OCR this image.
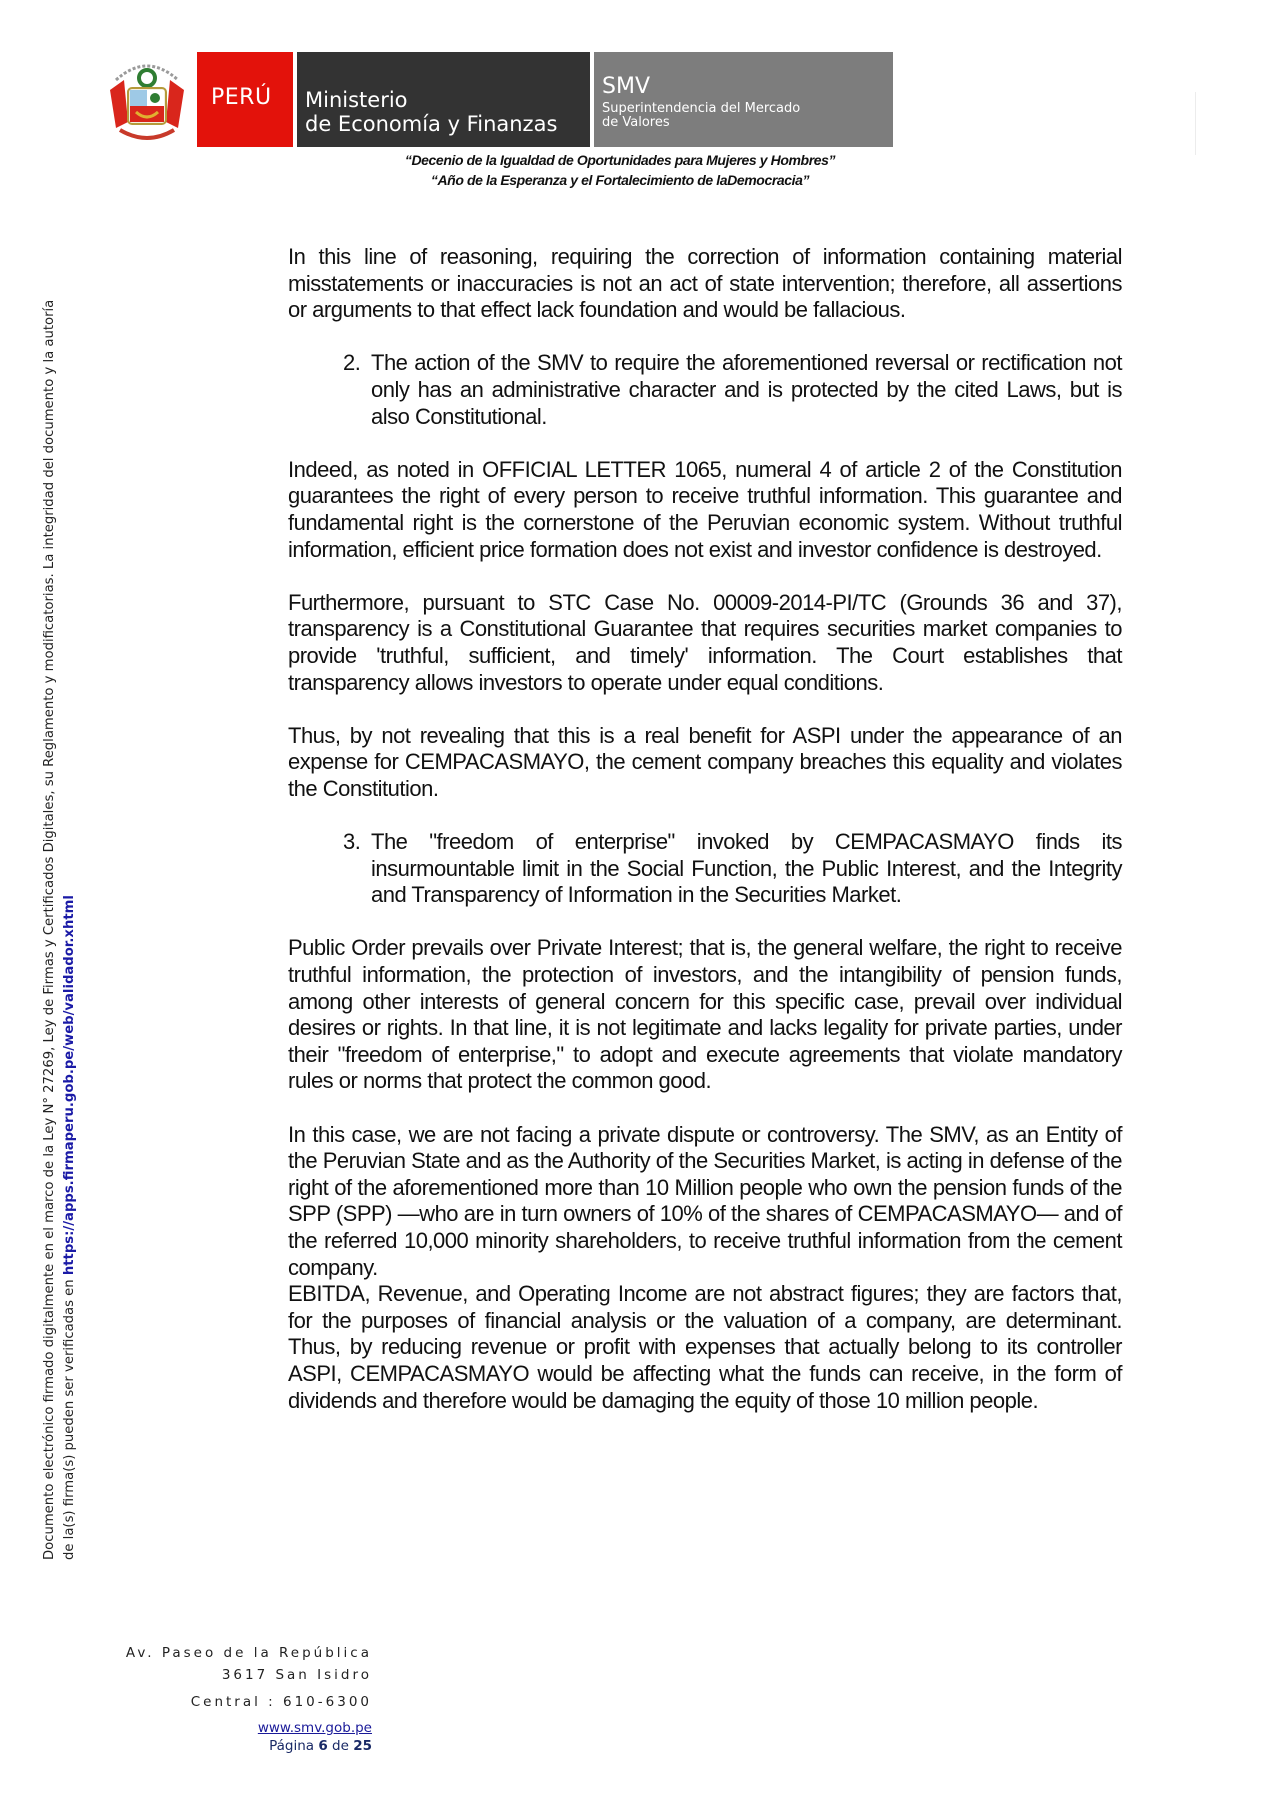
PERÚ Ministerio
de Economía y Finanzas
SMV
Superintendencia del Mercado
de Valores
“Decenio de la Igualdad de Oportunidades para Mujeres y Hombres”
“Año de la Esperanza y el Fortalecimiento de laDemocracia”
Documento electrónico firmado digitalmente en el marco de la Ley N° 27269, Ley de Firmas y Certificados Digitales, su Reglamento y modificatorias. La integridad del documento y la autoría de la(s) firma(s) pueden ser verificadas en https://apps.firmaperu.gob.pe/web/validador.xhtml

In this line of reasoning, requiring the correction of information containing material misstatements or inaccuracies is not an act of state intervention; therefore, all assertions or arguments to that effect lack foundation and would be fallacious.

2. The action of the SMV to require the aforementioned reversal or rectification not only has an administrative character and is protected by the cited Laws, but is also Constitutional.

Indeed, as noted in OFFICIAL LETTER 1065, numeral 4 of article 2 of the Constitution guarantees the right of every person to receive truthful information. This guarantee and fundamental right is the cornerstone of the Peruvian economic system. Without truthful information, efficient price formation does not exist and investor confidence is destroyed.

Furthermore, pursuant to STC Case No. 00009-2014-PI/TC (Grounds 36 and 37), transparency is a Constitutional Guarantee that requires securities market companies to provide 'truthful, sufficient, and timely' information. The Court establishes that transparency allows investors to operate under equal conditions.

Thus, by not revealing that this is a real benefit for ASPI under the appearance of an expense for CEMPACASMAYO, the cement company breaches this equality and violates the Constitution.

3. The "freedom of enterprise" invoked by CEMPACASMAYO finds its insurmountable limit in the Social Function, the Public Interest, and the Integrity and Transparency of Information in the Securities Market.

Public Order prevails over Private Interest; that is, the general welfare, the right to receive truthful information, the protection of investors, and the intangibility of pension funds, among other interests of general concern for this specific case, prevail over individual desires or rights. In that line, it is not legitimate and lacks legality for private parties, under their "freedom of enterprise," to adopt and execute agreements that violate mandatory rules or norms that protect the common good.

In this case, we are not facing a private dispute or controversy. The SMV, as an Entity of the Peruvian State and as the Authority of the Securities Market, is acting in defense of the right of the aforementioned more than 10 Million people who own the pension funds of the SPP (SPP) —who are in turn owners of 10% of the shares of CEMPACASMAYO— and of the referred 10,000 minority shareholders, to receive truthful information from the cement company.

EBITDA, Revenue, and Operating Income are not abstract figures; they are factors that, for the purposes of financial analysis or the valuation of a company, are determinant. Thus, by reducing revenue or profit with expenses that actually belong to its controller ASPI, CEMPACASMAYO would be affecting what the funds can receive, in the form of dividends and therefore would be damaging the equity of those 10 million people.

Av. Paseo de la República
3617 San Isidro
Central : 610-6300
www.smv.gob.pe
Página 6 de 25
